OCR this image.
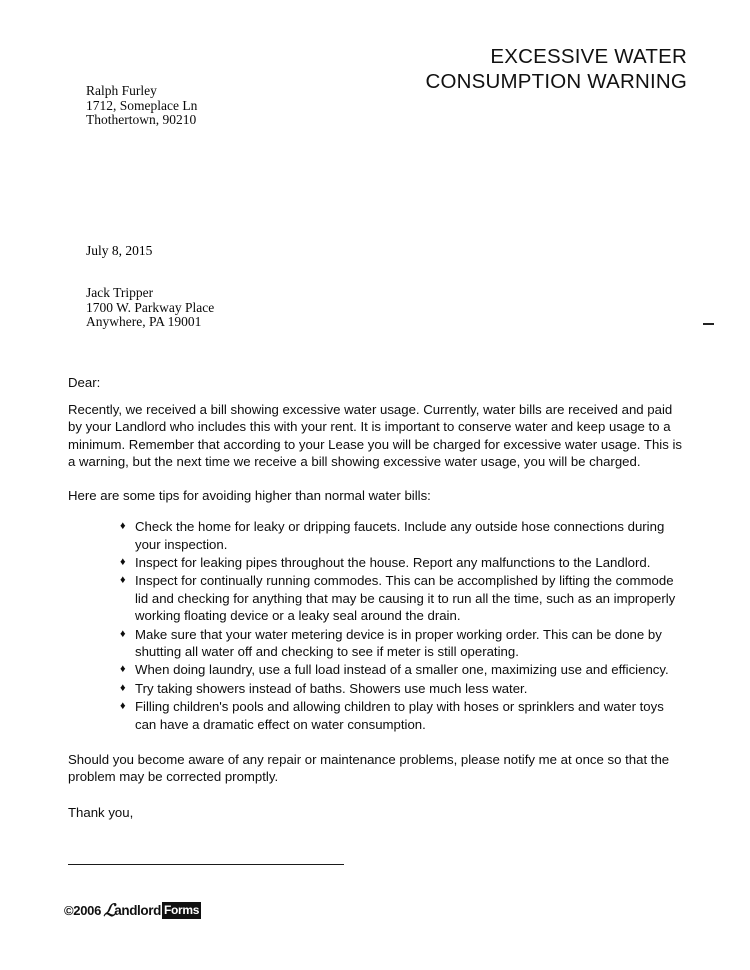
EXCESSIVE WATER
CONSUMPTION WARNING
Ralph Furley
1712, Someplace Ln
Thothertown, 90210
July 8, 2015
Jack Tripper
1700 W. Parkway Place
Anywhere, PA 19001

Dear:

Recently, we received a bill showing excessive water usage. Currently, water bills are received and paid by your Landlord who includes this with your rent. It is important to conserve water and keep usage to a minimum. Remember that according to your Lease you will be charged for excessive water usage. This is a warning, but the next time we receive a bill showing excessive water usage, you will be charged.

Here are some tips for avoiding higher than normal water bills:

♦ Check the home for leaky or dripping faucets. Include any outside hose connections during your inspection.
♦ Inspect for leaking pipes throughout the house. Report any malfunctions to the Landlord.
♦ Inspect for continually running commodes. This can be accomplished by lifting the commode lid and checking for anything that may be causing it to run all the time, such as an improperly working floating device or a leaky seal around the drain.
♦ Make sure that your water metering device is in proper working order. This can be done by shutting all water off and checking to see if meter is still operating.
♦ When doing laundry, use a full load instead of a smaller one, maximizing use and efficiency.
♦ Try taking showers instead of baths. Showers use much less water.
♦ Filling children's pools and allowing children to play with hoses or sprinklers and water toys can have a dramatic effect on water consumption.

Should you become aware of any repair or maintenance problems, please notify me at once so that the problem may be corrected promptly.

Thank you,

©2006 ℒ
andlord Forms
